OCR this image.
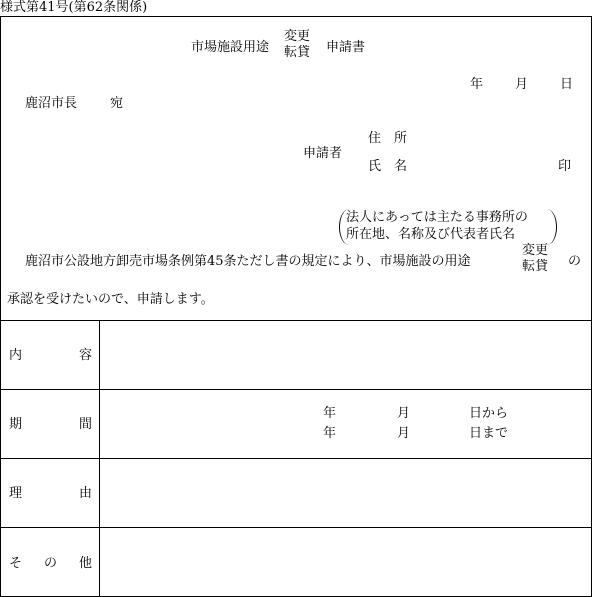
様式第41号(第62条関係)
市場施設用途
変更
転貸 申請書
年 月 日
鹿沼市長	宛
申請者
住　所
氏　名	印
法人にあっては主たる事務所の
所在地、名称及び代表者氏名
鹿沼市公設地方卸売市場条例第45条ただし書の規定により、市場施設の用途
変更
転貸 の
承認を受けたいので、申請します。
内	容
期	間
年	月	日から
年	月	日まで
理	由
そ の 他
